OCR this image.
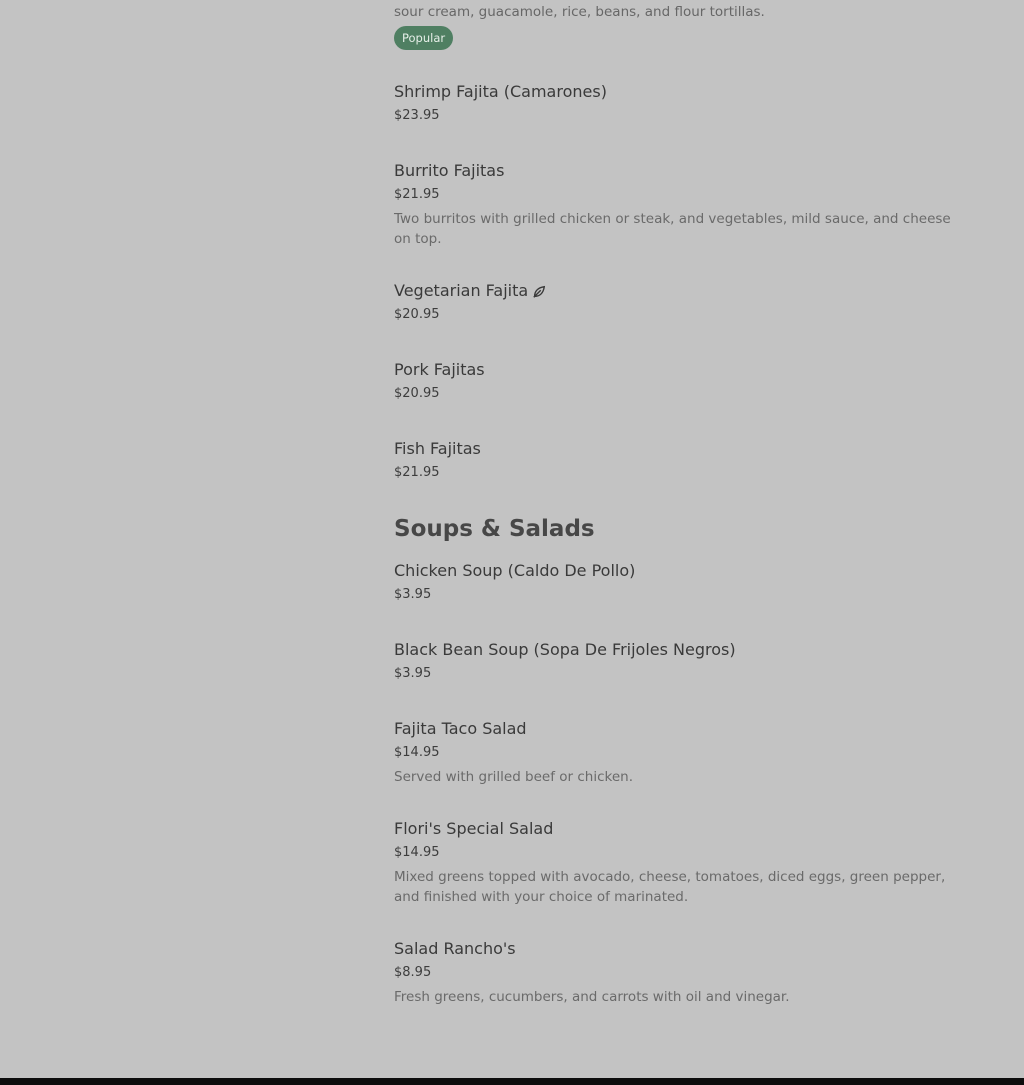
sour cream, guacamole, rice, beans, and flour tortillas.
Popular
Shrimp Fajita (Camarones)
$23.95
Burrito Fajitas
$21.95
Two burritos with grilled chicken or steak, and vegetables, mild sauce, and cheese on top.
Vegetarian Fajita
$20.95
Pork Fajitas
$20.95
Fish Fajitas
$21.95
Soups & Salads
Chicken Soup (Caldo De Pollo)
$3.95
Black Bean Soup (Sopa De Frijoles Negros)
$3.95
Fajita Taco Salad
$14.95
Served with grilled beef or chicken.
Flori's Special Salad
$14.95
Mixed greens topped with avocado, cheese, tomatoes, diced eggs, green pepper, and finished with your choice of marinated.
Salad Rancho's
$8.95
Fresh greens, cucumbers, and carrots with oil and vinegar.
